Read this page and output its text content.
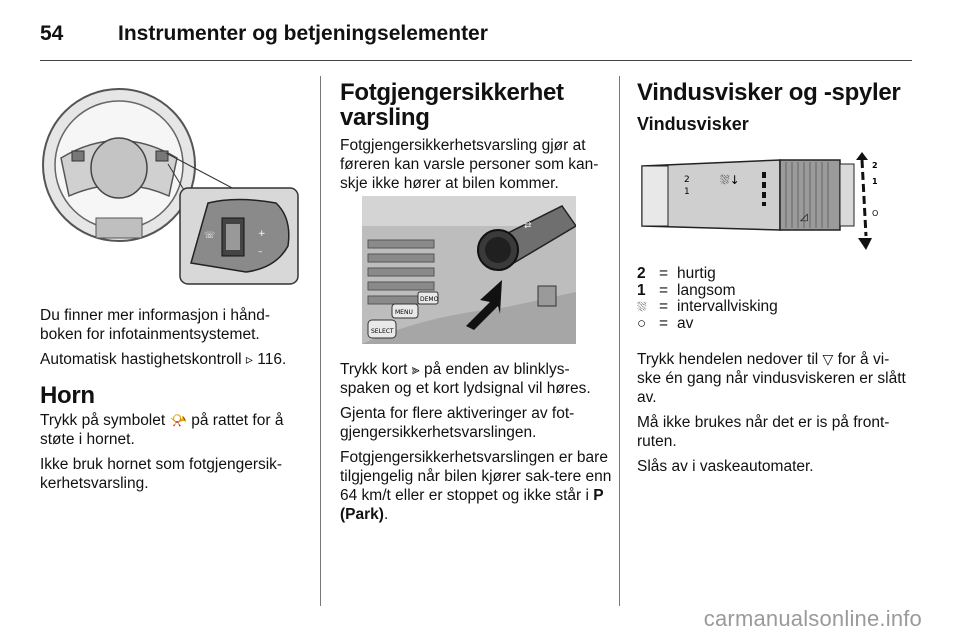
54	Instrumenter og betjeningselementer
☏	+
–

Du finner mer informasjon i hånd-boken for infotainmentsystemet.

Automatisk hastighetskontroll ▹ 116.

Horn

Trykk på symbolet 📯 på rattet for å støte i hornet.

Ikke bruk hornet som fotgjengersik-kerhetsvarsling.

Fotgjengersikkerhet varsling

Fotgjengersikkerhetsvarsling gjør at føreren kan varsle personer som kan-skje ikke hører at bilen kommer.

SELECT
MENU
DEMO
⇄

Trykk kort ⫸ på enden av blinklys-spaken og et kort lydsignal vil høres.

Gjenta for flere aktiveringer av fot-gjengersikkerhetsvarslingen.

Fotgjengersikkerhetsvarslingen er bare tilgjengelig når bilen kjører sak-tere enn 64 km/t eller er stoppet og ikke står i P (Park).

Vindusvisker og -spyler
Vindusvisker
2
1
⛆↓
2
1
O
◿
2 = hurtig
1 = langsom
⛆ = intervallvisking
○ = av

Trykk hendelen nedover til ▽ for å vi-ske én gang når vindusviskeren er slått av.

Må ikke brukes når det er is på front-ruten.

Slås av i vaskeautomater.

carmanualsonline.info
